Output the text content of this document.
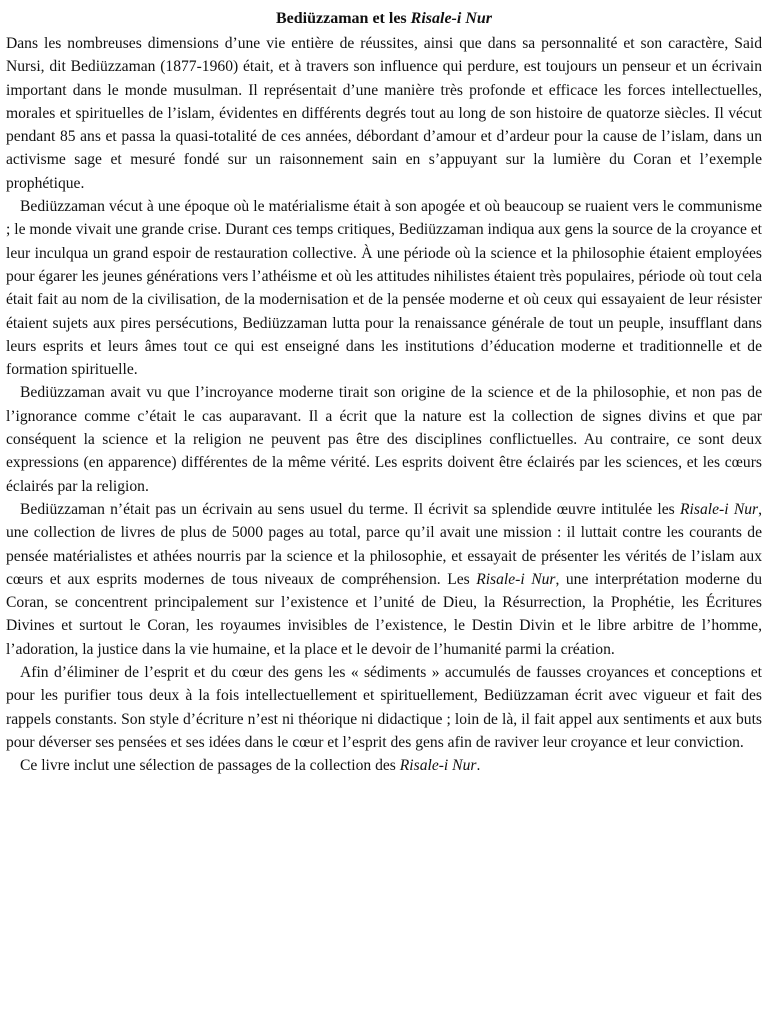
Bediüzzaman et les Risale-i Nur

Dans les nombreuses dimensions d’une vie entière de réussites, ainsi que dans sa personnalité et son caractère, Said Nursi, dit Bediüzzaman (1877-1960) était, et à travers son influence qui perdure, est toujours un penseur et un écrivain important dans le monde musulman. Il représentait d’une manière très profonde et efficace les forces intellectuelles, morales et spirituelles de l’islam, évidentes en différents degrés tout au long de son histoire de quatorze siècles. Il vécut pendant 85 ans et passa la quasi-totalité de ces années, débordant d’amour et d’ardeur pour la cause de l’islam, dans un activisme sage et mesuré fondé sur un raisonnement sain en s’appuyant sur la lumière du Coran et l’exemple prophétique.

Bediüzzaman vécut à une époque où le matérialisme était à son apogée et où beaucoup se ruaient vers le communisme ; le monde vivait une grande crise. Durant ces temps critiques, Bediüzzaman indiqua aux gens la source de la croyance et leur inculqua un grand espoir de restauration collective. À une période où la science et la philosophie étaient employées pour égarer les jeunes générations vers l’athéisme et où les attitudes nihilistes étaient très populaires, période où tout cela était fait au nom de la civilisation, de la modernisation et de la pensée moderne et où ceux qui essayaient de leur résister étaient sujets aux pires persécutions, Bediüzzaman lutta pour la renaissance générale de tout un peuple, insufflant dans leurs esprits et leurs âmes tout ce qui est enseigné dans les institutions d’éducation moderne et traditionnelle et de formation spirituelle.

Bediüzzaman avait vu que l’incroyance moderne tirait son origine de la science et de la philosophie, et non pas de l’ignorance comme c’était le cas auparavant. Il a écrit que la nature est la collection de signes divins et que par conséquent la science et la religion ne peuvent pas être des disciplines conflictuelles. Au contraire, ce sont deux expressions (en apparence) différentes de la même vérité. Les esprits doivent être éclairés par les sciences, et les cœurs éclairés par la religion.

Bediüzzaman n’était pas un écrivain au sens usuel du terme. Il écrivit sa splendide œuvre intitulée les Risale-i Nur, une collection de livres de plus de 5000 pages au total, parce qu’il avait une mission : il luttait contre les courants de pensée matérialistes et athées nourris par la science et la philosophie, et essayait de présenter les vérités de l’islam aux cœurs et aux esprits modernes de tous niveaux de compréhension. Les Risale-i Nur, une interprétation moderne du Coran, se concentrent principalement sur l’existence et l’unité de Dieu, la Résurrection, la Prophétie, les Écritures Divines et surtout le Coran, les royaumes invisibles de l’existence, le Destin Divin et le libre arbitre de l’homme, l’adoration, la justice dans la vie humaine, et la place et le devoir de l’humanité parmi la création.

Afin d’éliminer de l’esprit et du cœur des gens les « sédiments » accumulés de fausses croyances et conceptions et pour les purifier tous deux à la fois intellectuellement et spirituellement, Bediüzzaman écrit avec vigueur et fait des rappels constants. Son style d’écriture n’est ni théorique ni didactique ; loin de là, il fait appel aux sentiments et aux buts pour déverser ses pensées et ses idées dans le cœur et l’esprit des gens afin de raviver leur croyance et leur conviction.

Ce livre inclut une sélection de passages de la collection des Risale-i Nur.
